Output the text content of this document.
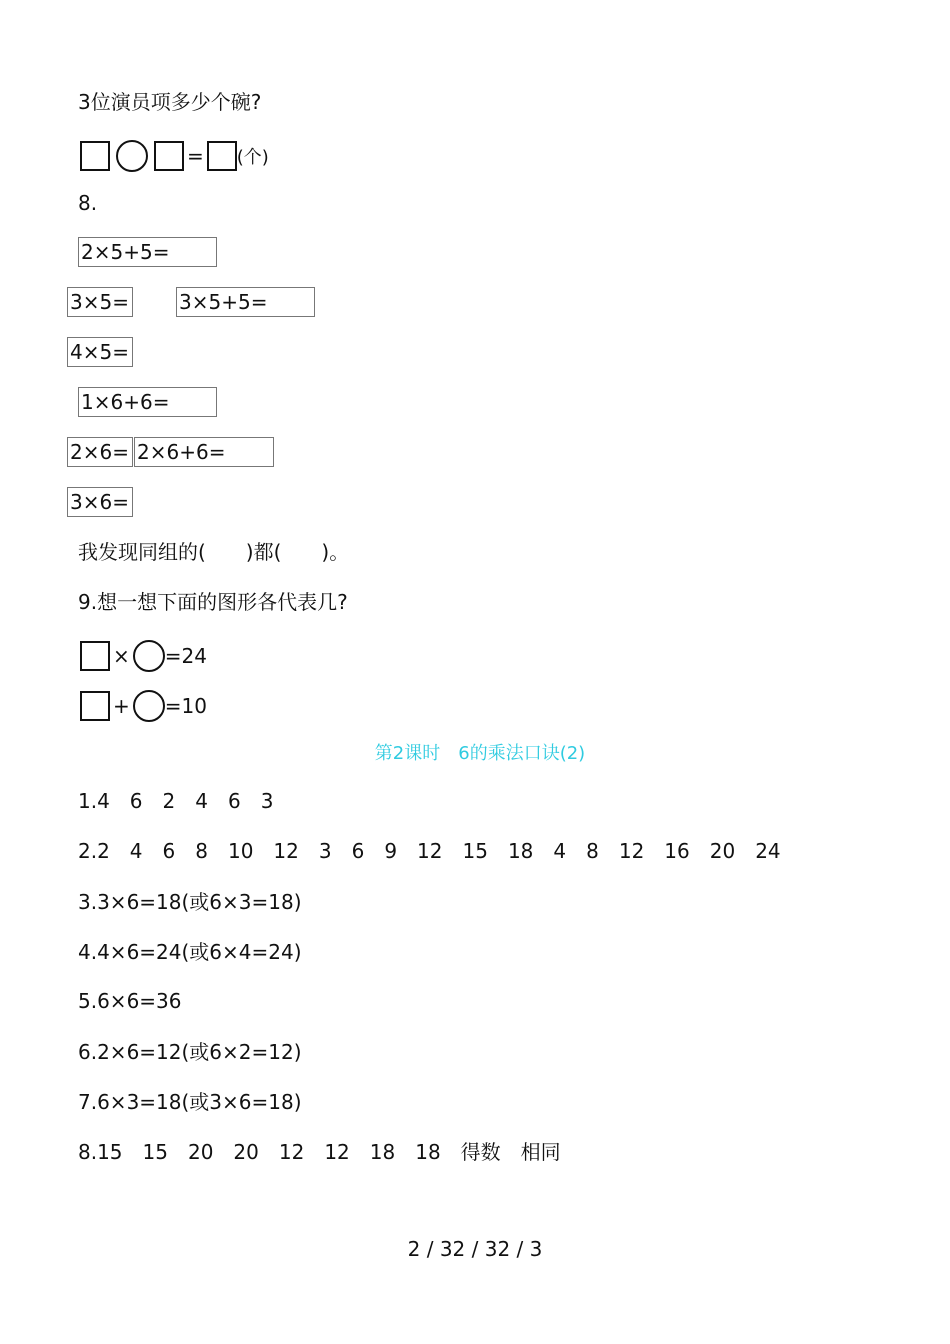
3位演员项多少个碗?
= (个)
8.
2×5+5=
3×5=	3×5+5=
4×5=
1×6+6=
2×6= 2×6+6=
3×6=
我发现同组的(　　)都(　　)。
9.想一想下面的图形各代表几?
× =24
+ =10
第2课时　6的乘法口诀(2)
1.4　6　2　4　6　3
2.2　4　6　8　10　12　3　6　9　12　15　18　4　8　12　16　20　24
3.3×6=18(或6×3=18)
4.4×6=24(或6×4=24)
5.6×6=36
6.2×6=12(或6×2=12)
7.6×3=18(或3×6=18)
8.15　15　20　20　12　12　18　18　得数　相同
2 / 32 / 32 / 3
